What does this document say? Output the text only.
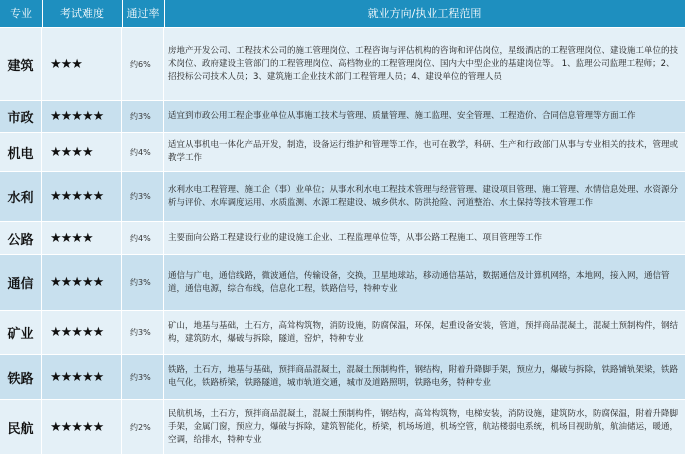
专业	考试难度	通过率	就业方向/执业工程范围
建筑 ★★★	约6%
房地产开发公司、工程技术公司的施工管理岗位、工程咨询与评估机构的咨询和评估岗位，星级酒店的工程管理岗位、建设施工单位的技术岗位、政府建设主管部门的工程管理岗位、高档物业的工程管理岗位、国内大中型企业的基建岗位等。 1、监理公司监理工程师；2、招投标公司技术人员；3、建筑施工企业技术部门工程管理人员；4、建设单位的管理人员
市政 ★★★★★	约3% 适宜到市政公用工程企事业单位从事施工技术与管理、质量管理、施工监理、安全管理、工程造价、合同信息管理等方面工作
机电 ★★★★	约4%
适宜从事机电一体化产品开发，制造，设备运行维护和管理等工作，也可在教学，科研、生产和行政部门从事与专业相关的技术，管理或教学工作
水利 ★★★★★	约3%
水利水电工程管理、施工企（事）业单位；从事水利水电工程技术管理与经营管理、建设项目管理、施工管理、水情信息处理、水资源分析与评价、水库调度运用、水质监测、水源工程建设、城乡供水、防洪抢险、河道整治、水土保持等技术管理工作
公路 ★★★★	约4% 主要面向公路工程建设行业的建设施工企业、工程监理单位等，从事公路工程施工、项目管理等工作
通信 ★★★★★	约3%
通信与广电，通信线路，微波通信，传输设备，交换，卫星地球站，移动通信基站，数据通信及计算机网络，本地网，接入网，通信管道，通信电源，综合布线，信息化工程，铁路信号，特种专业
矿业 ★★★★★	约3%
矿山，地基与基础，土石方，高耸构筑物，消防设施，防腐保温，环保，起重设备安装，管道，预拌商品混凝土，混凝土预制构件，钢结构，建筑防水，爆破与拆除，隧道，窑炉，特种专业
铁路 ★★★★★	约3%
铁路，土石方，地基与基础，预拌商品混凝土，混凝土预制构件，钢结构，附着升降脚手架，预应力，爆破与拆除，铁路铺轨架梁，铁路电气化，铁路桥梁，铁路隧道，城市轨道交通，城市及道路照明，铁路电务，特种专业
民航 ★★★★★	约2%
民航机场，土石方，预拌商品混凝土，混凝土预制构件，钢结构，高耸构筑物，电梯安装，消防设施，建筑防水，防腐保温，附着升降脚手架，金属门窗，预应力，爆破与拆除，建筑智能化，桥梁，机场场道，机场空管，航站楼弱电系统，机场目视助航，航油储运，暖通，空调，给排水，特种专业
